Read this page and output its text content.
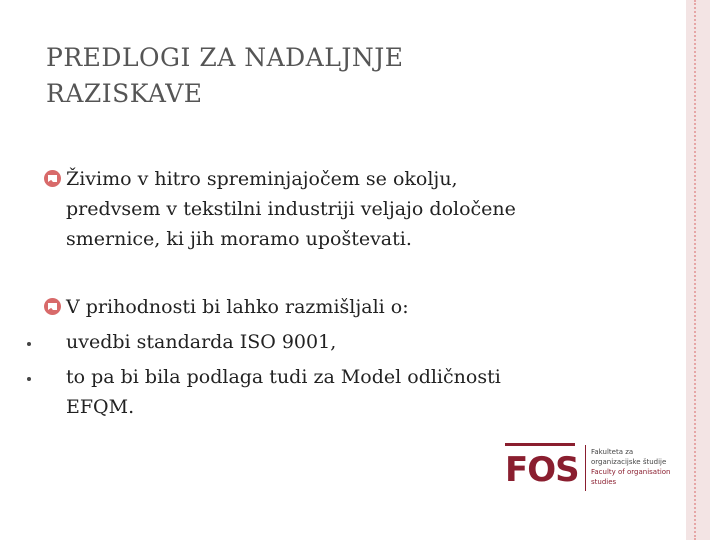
PREDLOGI ZA NADALJNJE
RAZISKAVE
Živimo v hitro spreminjajočem se okolju,
predvsem v tekstilni industriji veljajo določene
smernice, ki jih moramo upoštevati.
V prihodnosti bi lahko razmišljali o:
uvedbi standarda ISO 9001,
to pa bi bila podlaga tudi za Model odličnosti
EFQM.
FOS Fakulteta za
organizacijske študije
Faculty of organisation studies
